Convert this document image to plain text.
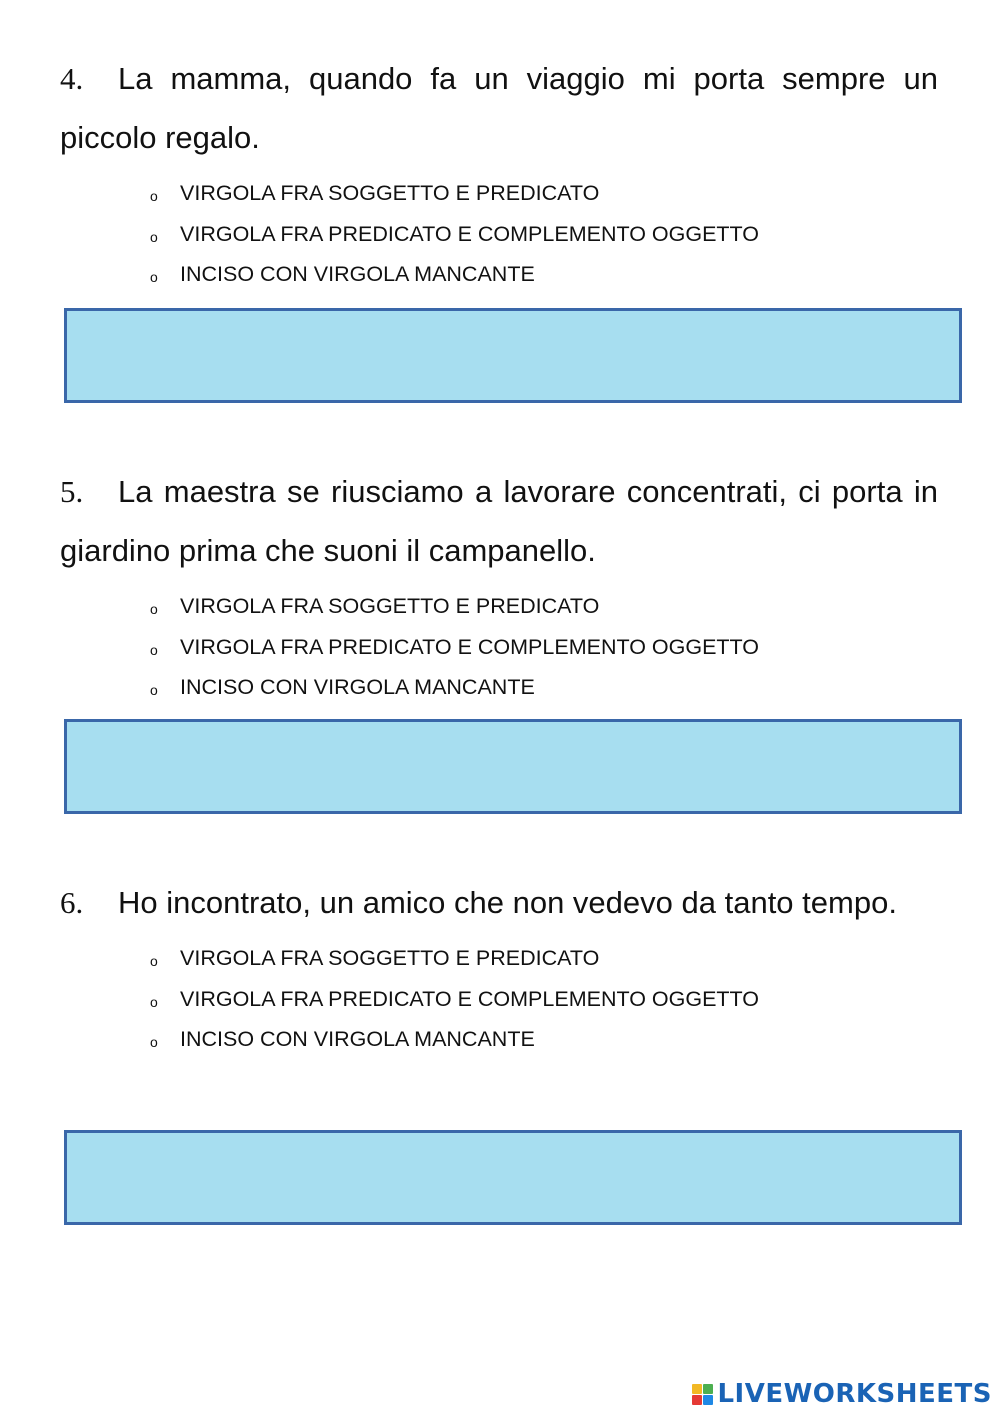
4. La mamma, quando fa un viaggio mi porta sempre un piccolo regalo.

o	VIRGOLA FRA SOGGETTO E PREDICATO
o	VIRGOLA FRA PREDICATO E COMPLEMENTO OGGETTO
o	INCISO CON VIRGOLA MANCANTE

5. La maestra se riusciamo a lavorare concentrati, ci porta in giardino prima che suoni il campanello.

o	VIRGOLA FRA SOGGETTO E PREDICATO
o	VIRGOLA FRA PREDICATO E COMPLEMENTO OGGETTO
o	INCISO CON VIRGOLA MANCANTE

6. Ho incontrato, un amico che non vedevo da tanto tempo.

o	VIRGOLA FRA SOGGETTO E PREDICATO
o	VIRGOLA FRA PREDICATO E COMPLEMENTO OGGETTO
o	INCISO CON VIRGOLA MANCANTE
LIVEWORKSHEETS
